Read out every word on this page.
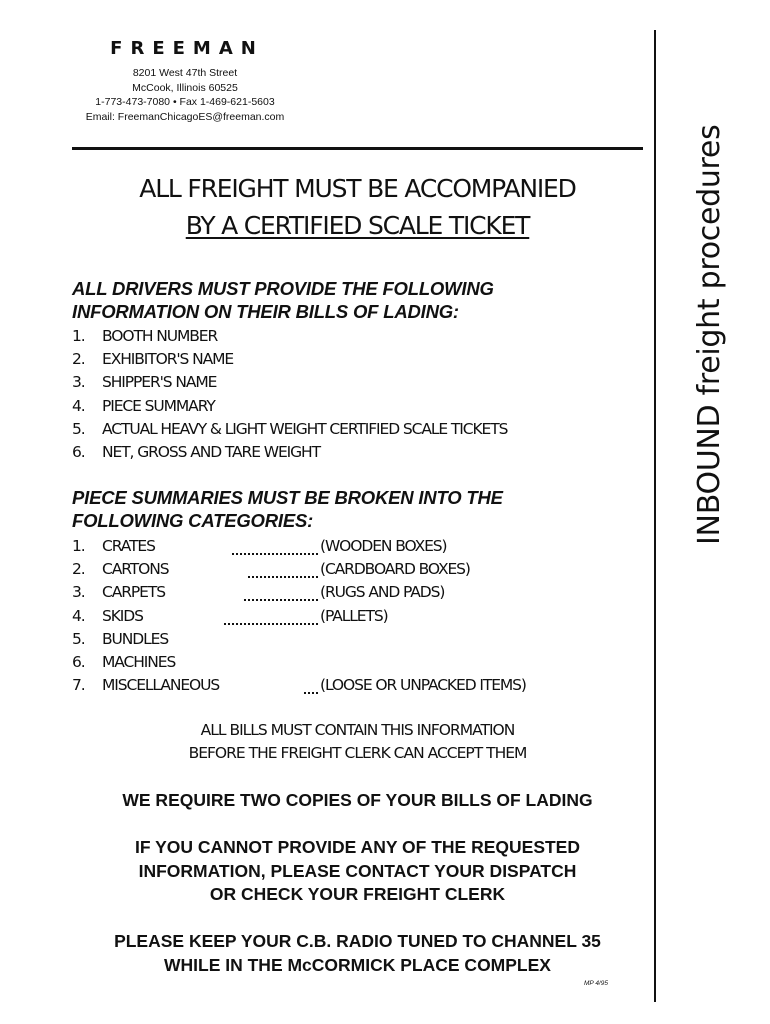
FREEMAN
8201 West 47th Street
McCook, Illinois 60525
1-773-473-7080 • Fax 1-469-621-5603
Email: FreemanChicagoES@freeman.com
INBOUND freight procedures
ALL FREIGHT MUST BE ACCOMPANIED
BY A CERTIFIED SCALE TICKET
ALL DRIVERS MUST PROVIDE THE FOLLOWING
INFORMATION ON THEIR BILLS OF LADING:
1. BOOTH NUMBER
2. EXHIBITOR'S NAME
3. SHIPPER'S NAME
4. PIECE SUMMARY
5. ACTUAL HEAVY & LIGHT WEIGHT CERTIFIED SCALE TICKETS
6. NET, GROSS AND TARE WEIGHT
PIECE SUMMARIES MUST BE BROKEN INTO THE
FOLLOWING CATEGORIES:
1. CRATES	(WOODEN BOXES)
2. CARTONS	(CARDBOARD BOXES)
3. CARPETS	(RUGS AND PADS)
4. SKIDS	(PALLETS)
5. BUNDLES
6. MACHINES
7. MISCELLANEOUS	(LOOSE OR UNPACKED ITEMS)
ALL BILLS MUST CONTAIN THIS INFORMATION
BEFORE THE FREIGHT CLERK CAN ACCEPT THEM
WE REQUIRE TWO COPIES OF YOUR BILLS OF LADING
IF YOU CANNOT PROVIDE ANY OF THE REQUESTED
INFORMATION, PLEASE CONTACT YOUR DISPATCH
OR CHECK YOUR FREIGHT CLERK
PLEASE KEEP YOUR C.B. RADIO TUNED TO CHANNEL 35
WHILE IN THE McCORMICK PLACE COMPLEX
MP 4/95
